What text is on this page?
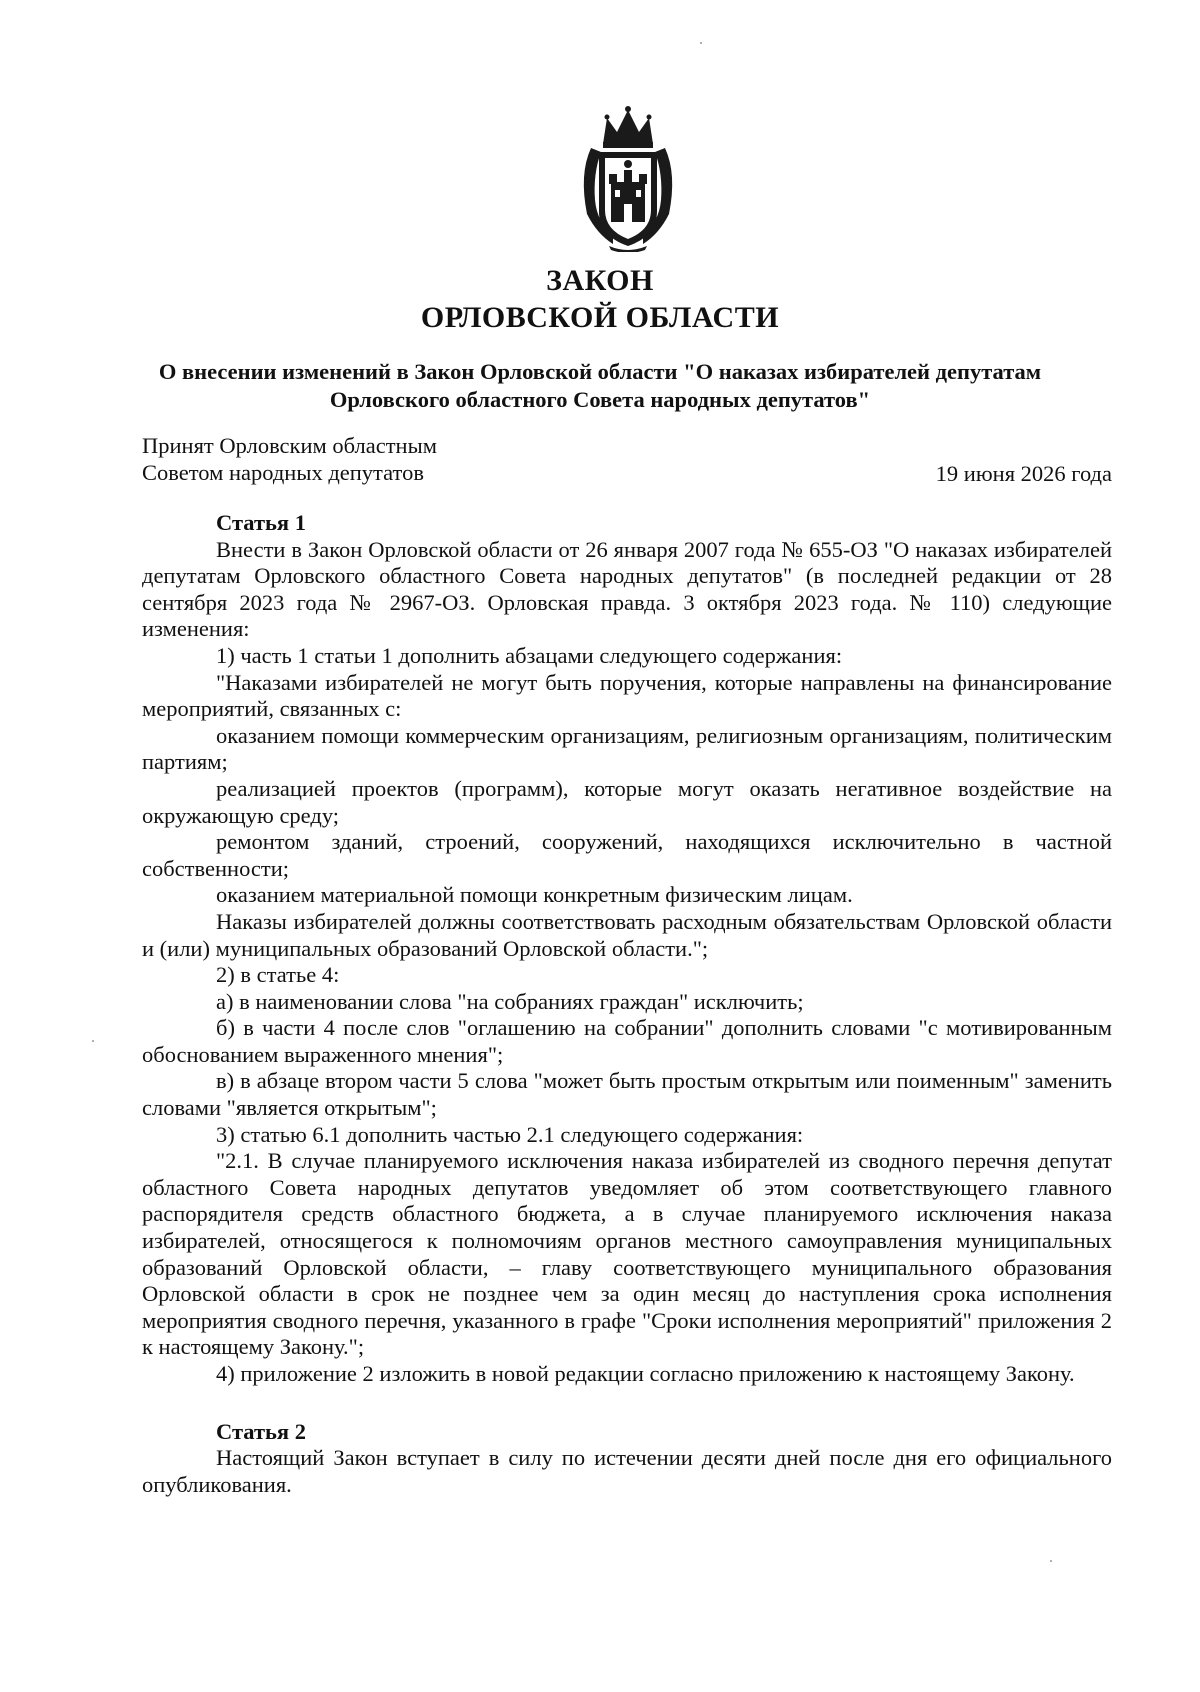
ЗАКОН
ОРЛОВСКОЙ ОБЛАСТИ
О внесении изменений в Закон Орловской области "О наказах избирателей депутатам Орловского областного Совета народных депутатов"
Принят Орловским областным
Советом народных депутатов	19 июня 2026 года
Статья 1

Внести в Закон Орловской области от 26 января 2007 года № 655-ОЗ "О наказах избирателей депутатам Орловского областного Совета народных депутатов" (в последней редакции от 28 сентября 2023 года № 2967-ОЗ. Орловская правда. 3 октября 2023 года. № 110) следующие изменения:

1) часть 1 статьи 1 дополнить абзацами следующего содержания:

"Наказами избирателей не могут быть поручения, которые направлены на финансирование мероприятий, связанных с:

оказанием помощи коммерческим организациям, религиозным организациям, политическим партиям;

реализацией проектов (программ), которые могут оказать негативное воздействие на окружающую среду;

ремонтом зданий, строений, сооружений, находящихся исключительно в частной собственности;

оказанием материальной помощи конкретным физическим лицам.

Наказы избирателей должны соответствовать расходным обязательствам Орловской области и (или) муниципальных образований Орловской области.";

2) в статье 4:

а) в наименовании слова "на собраниях граждан" исключить;

б) в части 4 после слов "оглашению на собрании" дополнить словами "с мотивированным обоснованием выраженного мнения";

в) в абзаце втором части 5 слова "может быть простым открытым или поименным" заменить словами "является открытым";

3) статью 6.1 дополнить частью 2.1 следующего содержания:

"2.1. В случае планируемого исключения наказа избирателей из сводного перечня депутат областного Совета народных депутатов уведомляет об этом соответствующего главного распорядителя средств областного бюджета, а в случае планируемого исключения наказа избирателей, относящегося к полномочиям органов местного самоуправления муниципальных образований Орловской области, – главу соответствующего муниципального образования Орловской области в срок не позднее чем за один месяц до наступления срока исполнения мероприятия сводного перечня, указанного в графе "Сроки исполнения мероприятий" приложения 2 к настоящему Закону.";

4) приложение 2 изложить в новой редакции согласно приложению к настоящему Закону.

Статья 2

Настоящий Закон вступает в силу по истечении десяти дней после дня его официального опубликования.
